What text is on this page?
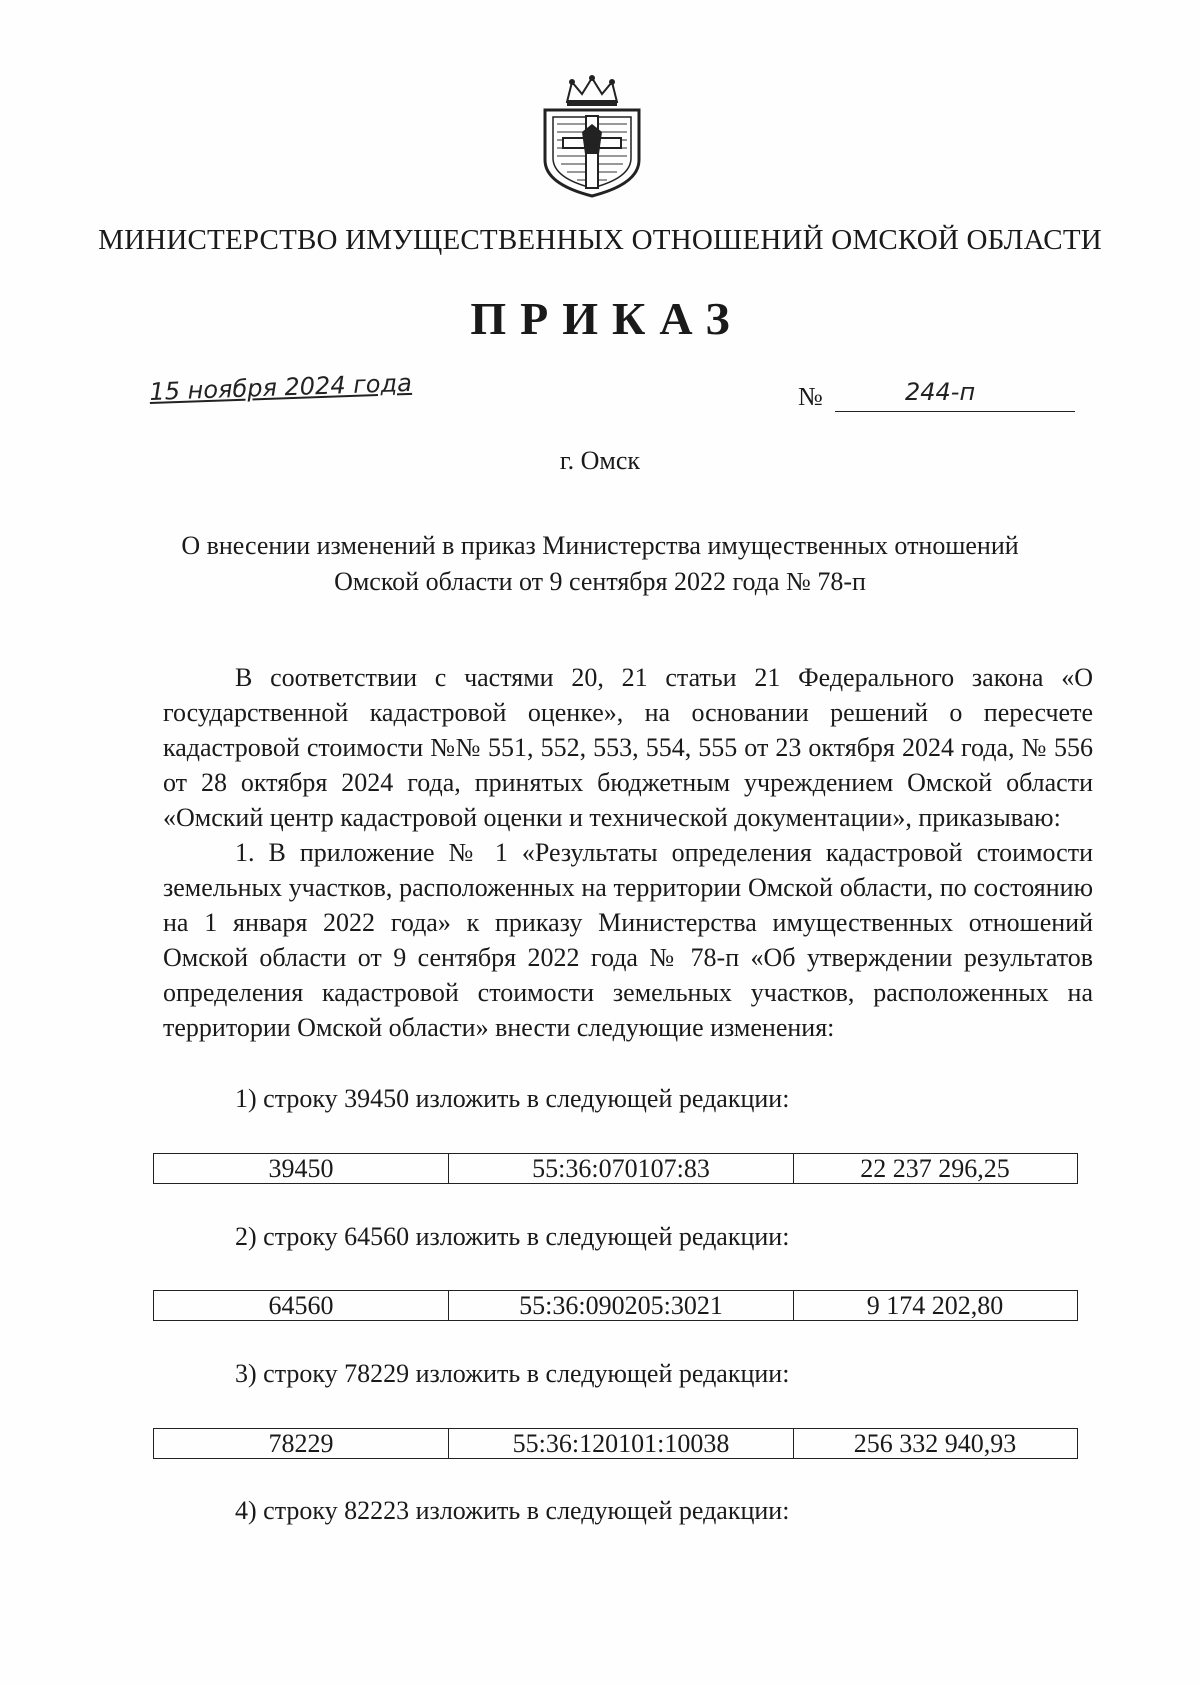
МИНИСТЕРСТВО ИМУЩЕСТВЕННЫХ ОТНОШЕНИЙ ОМСКОЙ ОБЛАСТИ
ПРИКАЗ
15 ноября 2024 года	№	244-п
г. Омск
О внесении изменений в приказ Министерства имущественных отношений Омской области от 9 сентября 2022 года № 78-п

В соответствии с частями 20, 21 статьи 21 Федерального закона «О государственной кадастровой оценке», на основании решений о пересчете кадастровой стоимости №№ 551, 552, 553, 554, 555 от 23 октября 2024 года, № 556 от 28 октября 2024 года, принятых бюджетным учреждением Омской области «Омский центр кадастровой оценки и технической документации», приказываю:

1. В приложение № 1 «Результаты определения кадастровой стоимости земельных участков, расположенных на территории Омской области, по состоянию на 1 января 2022 года» к приказу Министерства имущественных отношений Омской области от 9 сентября 2022 года № 78-п «Об утверждении результатов определения кадастровой стоимости земельных участков, расположенных на территории Омской области» внести следующие изменения:

1) строку 39450 изложить в следующей редакции:
39450	55:36:070107:83	22 237 296,25
2) строку 64560 изложить в следующей редакции:
64560	55:36:090205:3021	9 174 202,80
3) строку 78229 изложить в следующей редакции:
78229	55:36:120101:10038	256 332 940,93
4) строку 82223 изложить в следующей редакции:
